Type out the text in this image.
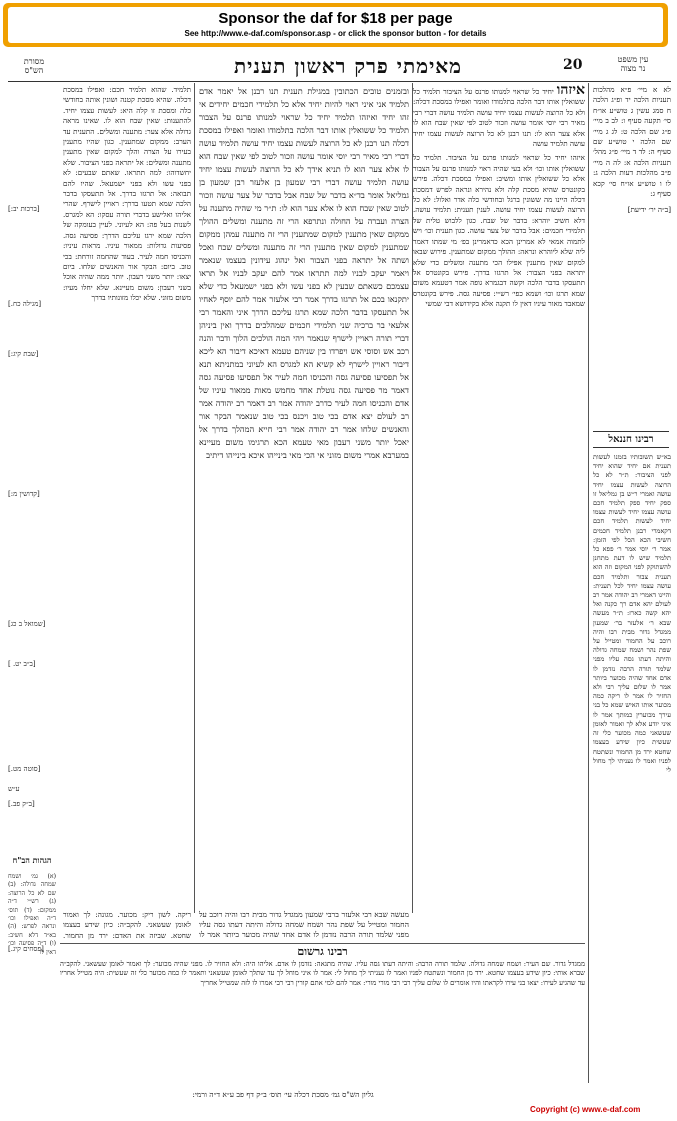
Sponsor the daf for $18 per page
See http://www.e-daf.com/sponsor.asp - or click the sponsor button - for details
עין משפט
נר מצוה
20
מאימתי פרק ראשון תענית
מסורת
הש"ס

לא א מיי׳ פ״א מהלכות תעניות הלכה יד ופ״ג הלכה ח סמג עשין ג טוש״ע או״ח סי׳ תקעה סעיף ו: לב ב מיי׳ פ״ג שם הלכה ט: לג ג מיי׳ שם הלכה י טוש״ע שם סעיף ה: לד ד מיי׳ פ״ג מהל׳ תעניות הלכה א: לה ה מיי׳ פ״ב מהלכות דעות הלכה ג: לו ו טוש״ע או״ח סי׳ קכא סעיף ג:

[ב״ה יר׳ ידיעת]

רבינו חננאל

בא״ש תשובותיו בזמנו לעשות תענית אם יחיד שהוא יחיד לפני הציבור: ת״ר לא כל הרוצה לעשות עצמו יחיד עושה ואמרי ר״ש בן גמליאל זו ספק יחיד ספק תלמיד חכם עושה עצמו יחיד לעשות עצמו יחיד לעשות תלמיד חכם דקאמרי רבנן תלמיד חכמים חשיבי הכא הכל לפי הזמן: אמר ר׳ יוסי אמר ר׳ פפא כל תלמיד שיש לו דעת מתחנן להשתוקק לפני המקום וזה הוא תענית צבור ותלמיד חכם עושה עצמו יחיד לכל תענית: והיינו דאמרי רב יהודה אמר רב לעולם יהא אדם רך כקנה ואל יהא קשה כארז: ת״ר מעשה שבא ר׳ אלעזר בר׳ שמעון ממגדל גדור מבית רבו והיה רוכב על החמור ומטייל על שפת נהר ושמח שמחה גדולה והיתה דעתו גסה עליו מפני שלמד תורה הרבה נזדמן לו אדם אחד שהיה מכוער ביותר אמר לו שלום עליך רבי ולא החזיר לו אמר לו ריקה כמה מכוער אותו האיש שמא כל בני עירך מכוערין כמותך אמר לו איני יודע אלא לך ואמור לאומן שעשאני כמה מכוער כלי זה שעשית כיון שידע בעצמו שחטא ירד מן החמור ונשתטח לפניו ואמר לו נעניתי לך מחול לי

איזהו יחיד כל שראוי למנותו פרנס על הציבור תלמיד כל ששואלין אותו דבר הלכה בתלמודו ואומר ואפילו במסכת דכלה: ולא כל הרוצה לעשות עצמו יחיד עושה תלמיד עושה דברי רבי מאיר רבי יוסי אומר עושה וזכור לטוב לפי שאין שבח הוא לו אלא צער הוא לו: תנו רבנן לא כל הרוצה לעשות עצמו יחיד עושה תלמיד עושה

איזהו יחיד כל שראוי למנותו פרנס על הציבור. תלמיד כל ששואלין אותו וכו׳ ולא בעי שהיה ראוי למנותו פרנס על הצבור אלא כל ששואלין אותו ומשיב: ואפילו במסכת דכלה. פירש בקונטרס שהיא מסכת קלה ולא נהירא ונראה לפרש דמסכת דכלה היינו מה ששונין ברגל ובחודשי כלה אדר ואלול: לא כל הרוצה לעשות עצמו יחיד עושה. לענין תענית: תלמיד עושה. דלא חשיב יוהרא: בדבר של שבח. כגון ללבוש טלית של תלמידי חכמים: אבל בדבר של צער עושה. כגון תענית וכו׳ ויש לתמוה אמאי לא אמרינן הכא כדאמרינן בפ׳ מי שמתו דאמר ליה שלא ליוהרא ונראה: ההולך ממקום שמתענין. פירוש שבאו למקום שאין מתענין אפילו הכי מתענה ומשלים כדי שלא יתראה בפני הצבור: אל תרגזו בדרך. פירש בקונטרס אל תתעסקו בדבר הלכה וקשה דבגמרא גופה אמר דטעמא משום שמא תרגז וכו׳ ושמא כפי׳ רש״י: פסיעה גסה. פירש בקונטרס שמאבד מאור עיניו דאין לו תקנה אלא בקידושא דבי שמשי

ובזמנים טובים הכתובין במגילת תענית תנו רבנן אל יאמר אדם תלמיד אני איני ראוי להיות יחיד אלא כל תלמידי חכמים יחידים אי זהו יחיד ואיזהו תלמיד יחיד כל שראוי למנותו פרנס על הצבור תלמיד כל ששואלין אותו דבר הלכה בתלמודו ואומר ואפילו במסכת דכלה תנו רבנן לא כל הרוצה לעשות עצמו יחיד עושה תלמיד עושה דברי רבי מאיר רבי יוסי אומר עושה וזכור לטוב לפי שאין שבח הוא לו אלא צער הוא לו תניא אידך לא כל הרוצה לעשות עצמו יחיד עושה תלמיד עושה דברי רבי שמעון בן אלעזר רבן שמעון בן גמליאל אומר בד״א בדבר של שבח אבל בדבר של צער עושה וזכור לטוב שאין שבח הוא לו אלא צער הוא לו: ת״ר מי שהיה מתענה על הצרה ועברה על החולה ונתרפא הרי זה מתענה ומשלים ההולך ממקום שאין מתענין למקום שמתענין הרי זה מתענה עמהן ממקום שמתענין למקום שאין מתענין הרי זה מתענה ומשלים שכח ואכל ושתה אל יתראה בפני הצבור ואל ינהוג עידונין בעצמו שנאמר ויאמר יעקב לבניו למה תתראו אמר להם יעקב לבניו אל תראו עצמכם כשאתם שבעין לא בפני עשו ולא בפני ישמעאל כדי שלא יתקנאו בכם אל תרגזו בדרך אמר רבי אלעזר אמר להם יוסף לאחיו אל תתעסקו בדבר הלכה שמא תרגז עליכם הדרך איני והאמר רבי אלעאי בר ברכיה שני תלמידי חכמים שמהלכים בדרך ואין ביניהן דברי תורה ראויין לישרף שנאמר ויהי המה הולכים הלוך ודבר והנה רכב אש וסוסי אש ויפרדו בין שניהם טעמא דאיכא דיבור הא ליכא דיבור ראויין לישרף לא קשיא הא למגרס הא לעיוני במתניתא תנא אל תפסיעו פסיעה גסה והכניסו חמה לעיר אל תפסיעו פסיעה גסה דאמר מר פסיעה גסה נוטלת אחד מחמש מאות ממאור עיניו של אדם והכניסו חמה לעיר כדרב יהודה אמר רב דאמר רב יהודה אמר רב לעולם יצא אדם בכי טוב ויכנס בכי טוב שנאמר הבקר אור והאנשים שלחו אמר רב יהודה אמר רבי חייא המהלך בדרך אל יאכל יותר משני רעבון מאי טעמא הכא תרגימו משום מעיינא במערבא אמרי משום מזוני אי הכי מאי בינייהו איכא בינייהו דיתיב

תלמיד. שהוא תלמיד חכם: ואפילו במסכת דכלה. שהיא מסכת קטנה ושונין אותה בחודשי כלה ומסכת זו קלה היא: לעשות עצמו יחיד. להתענות: שאין שבח הוא לו. שאינו מראה גדולה אלא צער: מתענה ומשלים. התענית עד הערב: ממקום שמתענין. כגון שהיו מתענין בעירו על הצרה והלך למקום שאין מתענין מתענה ומשלים: אל יתראה בפני הציבור. שלא יחשדוהו: למה תתראו. שאתם שבעים: לא בפני עשו ולא בפני ישמעאל. שהיו להם תבואה: אל תרגזו בדרך. אל תתעסקו בדבר הלכה שמא תטעו בדרך: ראויין לישרף. שהרי אליהו ואלישע בדברי תורה עסקו: הא למגרס. לשנות בעל פה: הא לעיוני. לעיין בעומקה של הלכה שמא ירגז עליכם הדרך: פסיעה גסה. פסיעות גדולות: ממאור עיניו. מראות עיניו: והכניסו חמה לעיר. בעוד שהחמה זורחת: בכי טוב. ביום: הבקר אור והאנשים שלחו. ביום יצאו: יותר משני רעבון. יותר ממה שהיה אוכל בשני רעבון: משום מעיינא. שלא יחלו מעיו: משום מזוני. שלא יכלו מזונותיו בדרך

[ברכות יב:]
[מגילה כח.]
[שבת קיג:]
[קדושין מ:]
[שמואל ב כג]
[ב״ב יט. ]
[סוטה מט.]
ע״ש
[ב״ק פב.]
[פסחים קיג.]
הגהות הב"ח

(א) גמ׳ ושמח שמחה גדולה: (ב) שם לא כל הרוצה: (ג) רש״י ד״ה ממקום: (ד) תוס׳ ד״ה ואפילו וכו׳ ונראה לפרש: (ה) בא״ד דלא חשיב: (ו) ד״ה פסיעה וכו׳ דאין לו

מעשה שבא רבי אלעזר ברבי שמעון ממגדל גדור מבית רבו והיה רוכב על החמור ומטייל על שפת נהר ושמח שמחה גדולה והיתה דעתו גסה עליו מפני שלמד תורה הרבה נזדמן לו אדם אחד שהיה מכוער ביותר אמר לו

ריקה. לשון ריק: מכוער. מגונה: לך ואמור לאומן שעשאני. להקב״ה: כיון שידע בעצמו שחטא. שביזה את האדם: ירד מן החמור.

רבינו גרשום

ממגדל גדור. שם העיר: ושמח שמחה גדולה. שלמד תורה הרבה: והיתה דעתו גסה עליו. שהיה מתגאה: נזדמן לו אדם. אליהו היה: ולא החזיר לו. מפני שהיה מכוער: לך ואמור לאומן שעשאני. להקב״ה שברא אותי: כיון שידע בעצמו שחטא. ירד מן החמור ונשתטח לפניו ואמר לו נעניתי לך מחול לי: אמר לו איני מוחל לך עד שתלך לאומן שעשאני ותאמר לו כמה מכוער כלי זה שעשית: היה מטייל אחריו עד שהגיע לעירו: יצאו בני עירו לקראתו והיו אומרים לו שלום עליך רבי רבי מורי מורי: אמר להם למי אתם קורין רבי רבי אמרו לו לזה שמטייל אחריך

גליון הש"ס גמ׳ מסכת דכלה עי׳ תוס׳ ב״ק דף פב ע״א ד״ה ורמי:
Copyright (c) www.e-daf.com
